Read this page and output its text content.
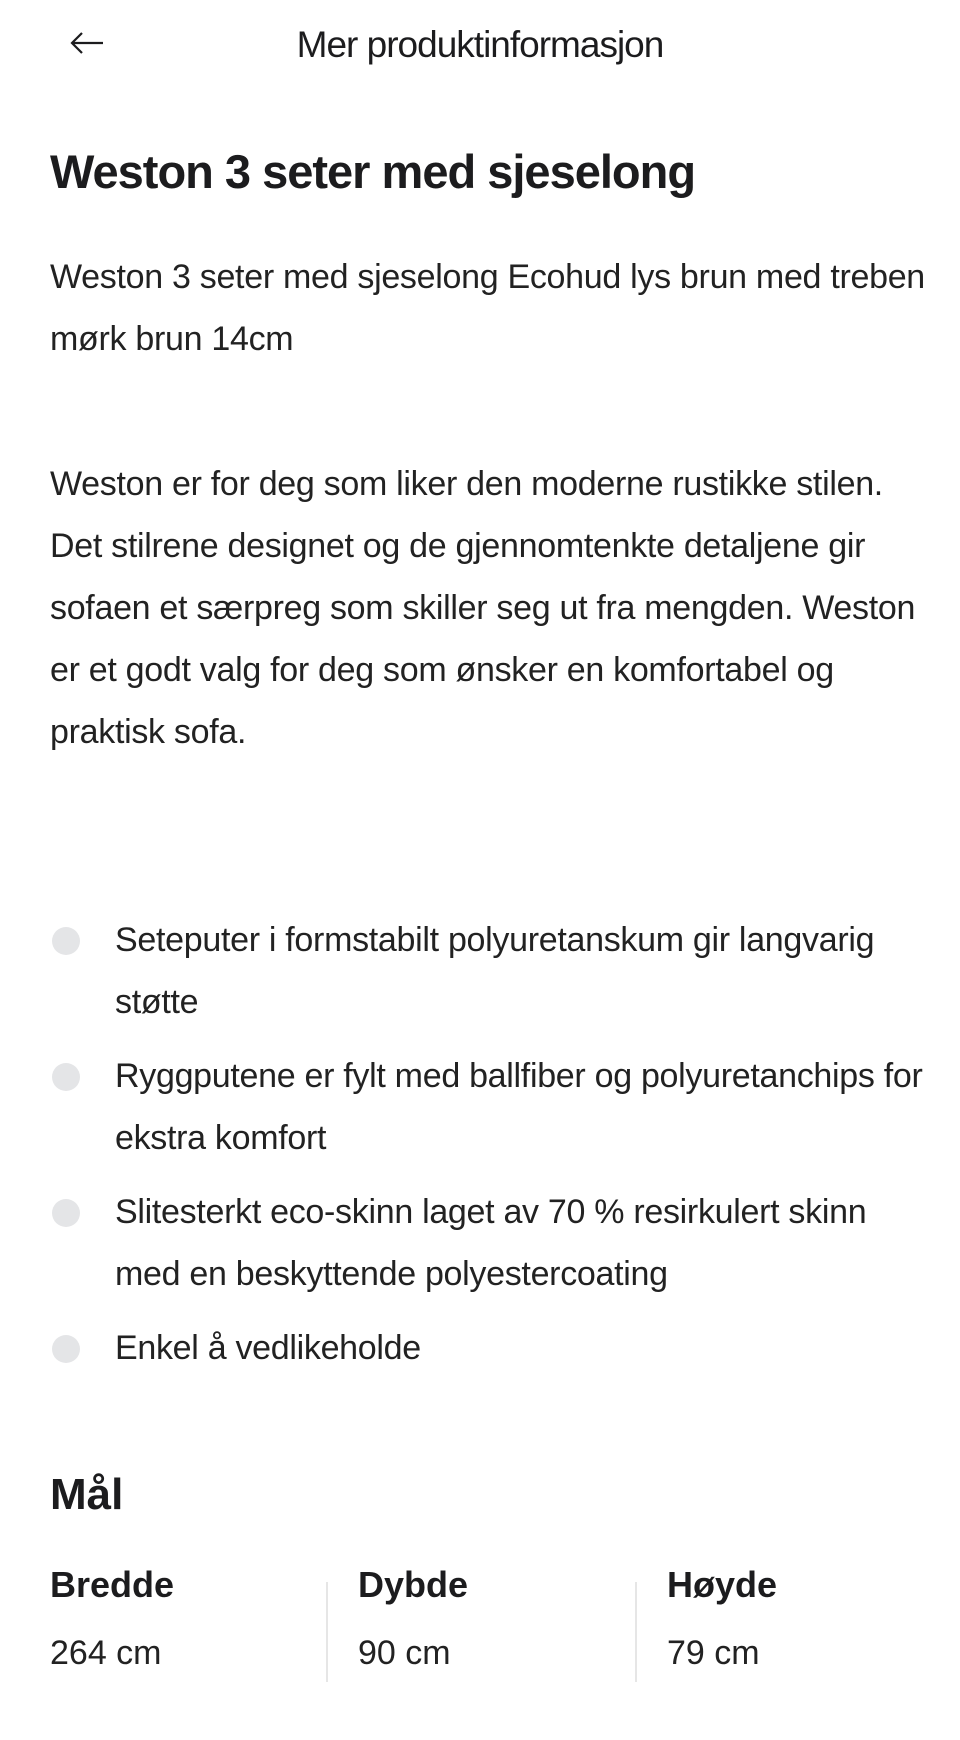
Mer produktinformasjon
Weston 3 seter med sjeselong
Weston 3 seter med sjeselong Ecohud lys brun med treben mørk brun 14cm
Weston er for deg som liker den moderne rustikke stilen. Det stilrene designet og de gjennomtenkte detaljene gir sofaen et særpreg som skiller seg ut fra mengden. Weston er et godt valg for deg som ønsker en komfortabel og praktisk sofa.
Seteputer i formstabilt polyuretanskum gir langvarig støtte
Ryggputene er fylt med ballfiber og polyuretanchips for ekstra komfort
Slitesterkt eco-skinn laget av 70 % resirkulert skinn med en beskyttende polyestercoating
Enkel å vedlikeholde
Mål
Bredde
264 cm
Dybde
90 cm
Høyde
79 cm
